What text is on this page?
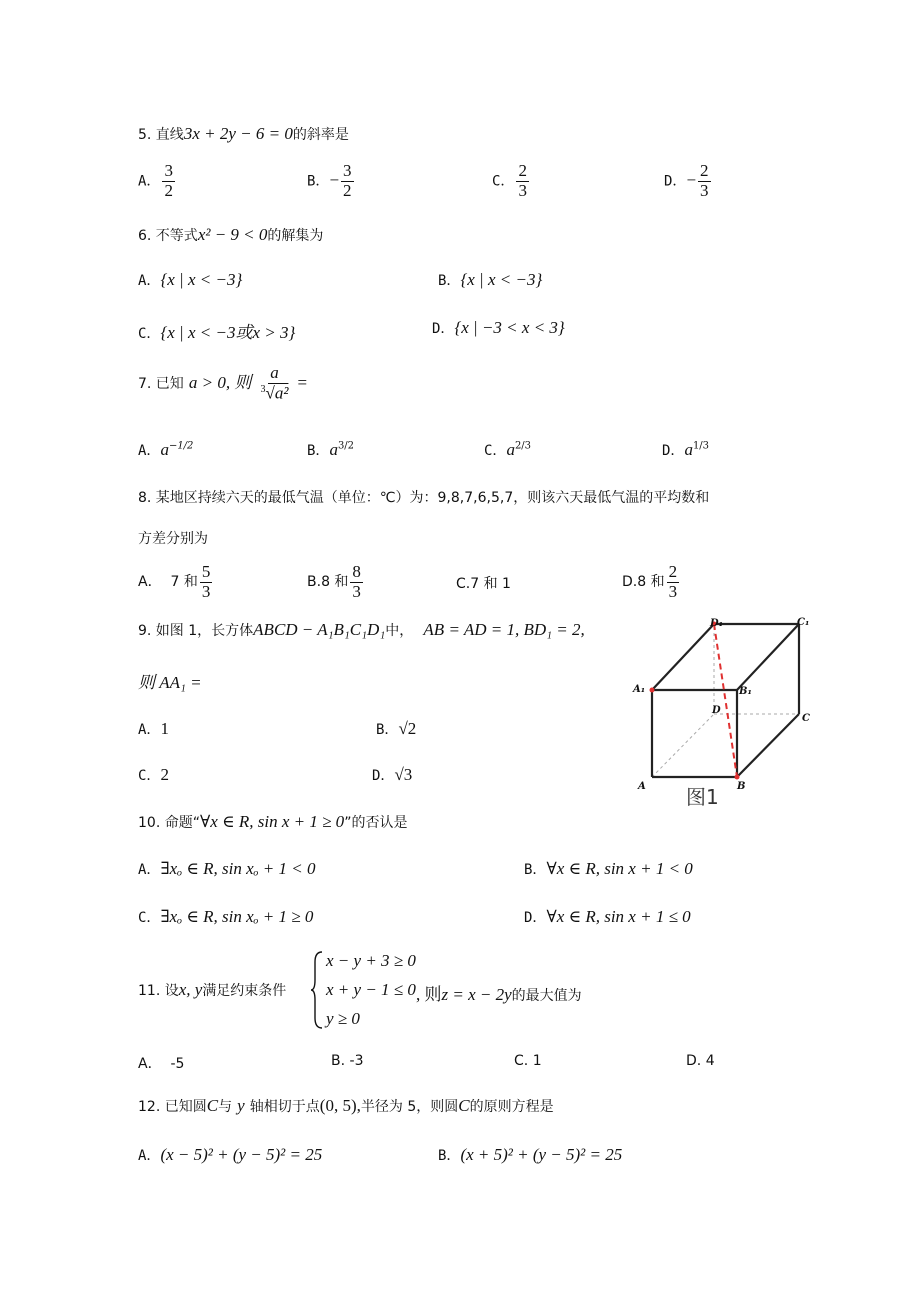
5. 直线3x + 2y − 6 = 0的斜率是
A． $\frac{3}{2}$	B．− $\frac{3}{2}$	C． $\frac{2}{3}$	D．− $\frac{2}{3}$
6. 不等式x² − 9 < 0的解集为
A．{x | x < −3}	B．{x | x < −3}
C．{x | x < −3或x > 3}	D．{x | −3 < x < 3}
7. 已知 a > 0, 则 $\frac{a}{^3√a^2}$ =
A．$a^{-1/2}$	B．$a^{3/2}$	C．$a^{2/3}$	D．$a^{1/3}$
8. 某地区持续六天的最低气温（单位：℃）为：9,8,7,6,5,7，则该六天最低气温的平均数和
方差分别为
A． 7 和 $\frac{5}{3}$	B.8 和 $\frac{8}{3}$	C.7 和 1	D.8 和 $\frac{2}{3}$
9. 如图 1，长方体ABCD − A₁B₁C₁D₁中， AB = AD = 1, BD₁ = 2,
则 AA₁ =
A．1	B．√2
C．2	D．√3
D₁	C₁
A₁	B₁
D
C
A	B
图1
10. 命题“∀x ∈ R, sin x + 1 ≥ 0”的否认是
A．∃xₒ ∈ R, sin xₒ + 1 < 0	B．∀x ∈ R, sin x + 1 < 0
C．∃xₒ ∈ R, sin xₒ + 1 ≥ 0	D．∀x ∈ R, sin x + 1 ≤ 0
11. 设x, y满足约束条件
x − y + 3 ≥ 0
x + y − 1 ≤ 0
y ≥ 0
, 则z = x − 2y的最大值为
A． -5	B. -3	C. 1	D. 4
12. 已知圆C与 y 轴相切于点(0, 5),半径为 5，则圆C的原则方程是
A．(x − 5)² + (y − 5)² = 25	B．(x + 5)² + (y − 5)² = 25
